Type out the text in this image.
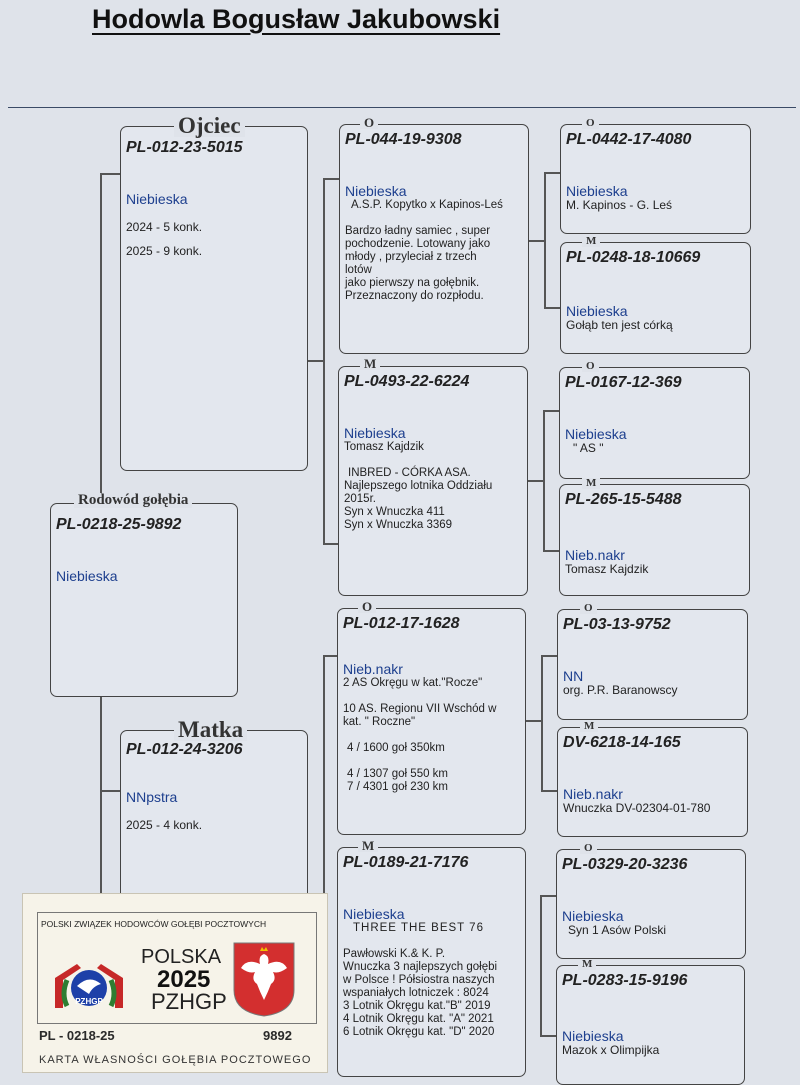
Hodowla Bogusław Jakubowski
PL-012-23-5015
Niebieska
2024 - 5 konk.
2025 - 9 konk.
Ojciec
PL-0218-25-9892
Niebieska
Rodowód gołębia
PL-012-24-3206
NNpstra
2025 - 4 konk.
Matka
PL-044-19-9308
Niebieska
A.S.P. Kopytko x Kapinos-Leś

Bardzo ładny samiec , super
pochodzenie. Lotowany jako
młody , przyleciał z trzech
lotów
jako pierwszy na gołębnik.
Przeznaczony do rozpłodu.
O
PL-0493-22-6224
Niebieska
Tomasz Kajdzik

INBRED - CÓRKA ASA.
Najlepszego lotnika Oddziału
2015r.
Syn x Wnuczka 411
Syn x Wnuczka 3369
M
PL-012-17-1628
Nieb.nakr
2 AS Okręgu w kat."Rocze"

10 AS. Regionu VII Wschód w
kat. " Roczne"

4 / 1600 goł 350km

4 / 1307 goł 550 km
7 / 4301 goł 230 km
O
PL-0189-21-7176
Niebieska
THREE THE BEST 76

Pawłowski K.& K. P.
Wnuczka 3 najlepszych gołębi
w Polsce ! Półsiostra naszych
wspaniałych lotniczek : 8024
3 Lotnik Okręgu kat."B" 2019
4 Lotnik Okręgu kat. "A" 2021
6 Lotnik Okręgu kat. "D" 2020
M
PL-0442-17-4080
Niebieska
M. Kapinos - G. Leś
O
PL-0248-18-10669
Niebieska
Gołąb ten jest córką
M
PL-0167-12-369
Niebieska
" AS "
O
PL-265-15-5488
Nieb.nakr
Tomasz Kajdzik
M
PL-03-13-9752
NN
org. P.R. Baranowscy
O
DV-6218-14-165
Nieb.nakr
Wnuczka DV-02304-01-780
M
PL-0329-20-3236
Niebieska
Syn 1 Asów Polski
O
PL-0283-15-9196
Niebieska
Mazok x Olimpijka
M
POLSKI ZWIĄZEK HODOWCÓW GOŁĘBI POCZTOWYCH
PZHGP
POLSKA
2025
PZHGP
PL - 0218-25	9892
KARTA WŁASNOŚCI GOŁĘBIA POCZTOWEGO
